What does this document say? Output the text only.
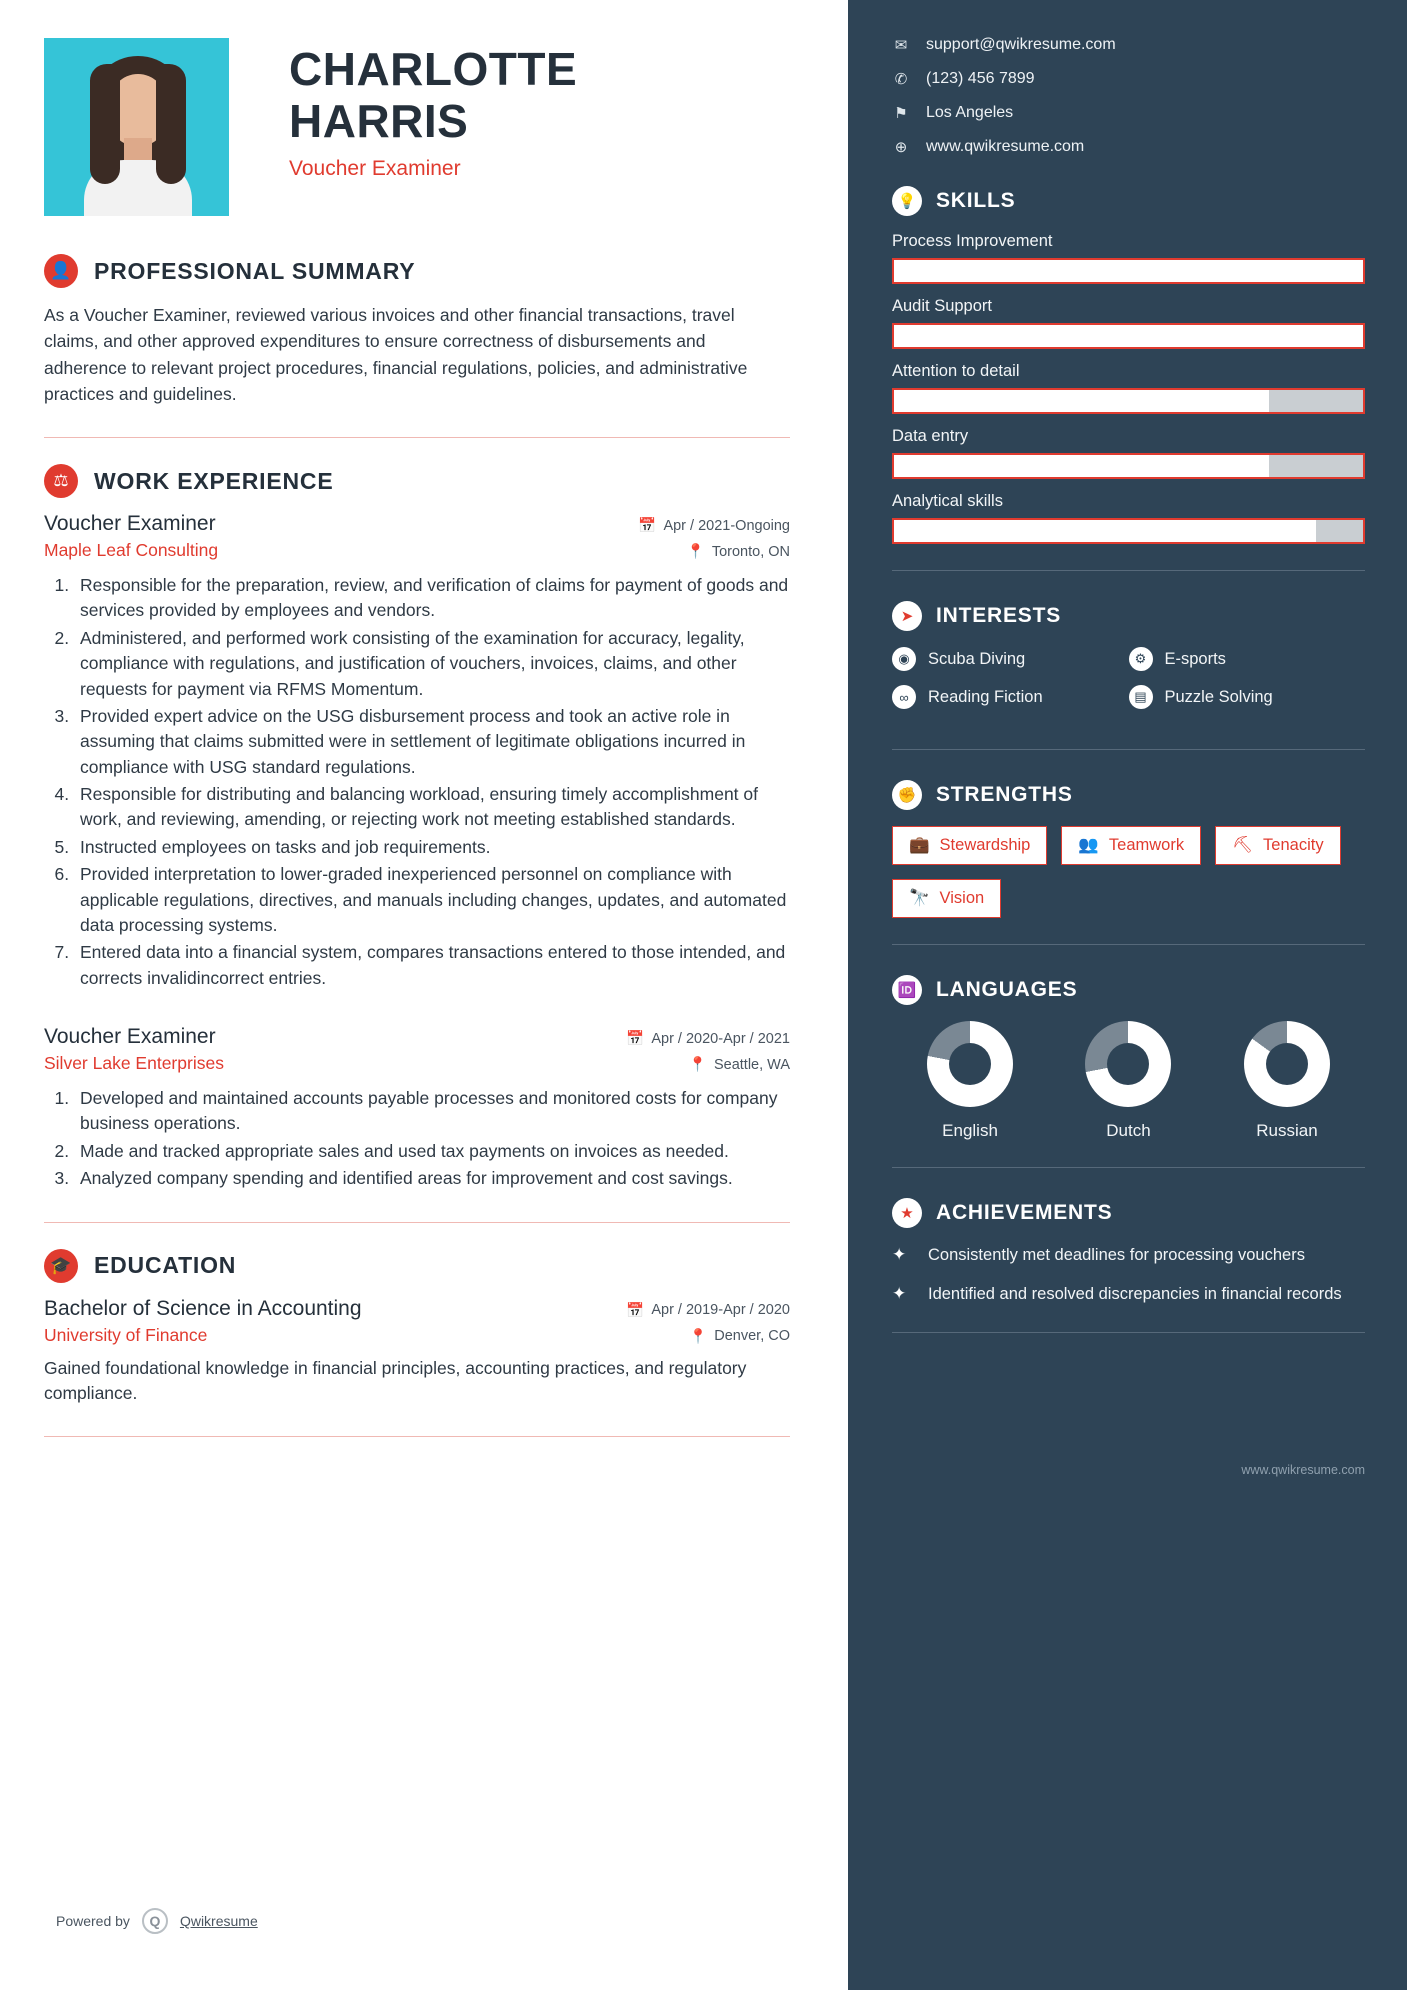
CHARLOTTE
HARRIS
Voucher Examiner
👤 PROFESSIONAL SUMMARY

As a Voucher Examiner, reviewed various invoices and other financial transactions, travel claims, and other approved expenditures to ensure correctness of disbursements and adherence to relevant project procedures, financial regulations, policies, and administrative practices and guidelines.

⚖	WORK EXPERIENCE
Voucher Examiner	📅 Apr / 2021-Ongoing
Maple Leaf Consulting	📍 Toronto, ON
1. Responsible for the preparation, review, and verification of claims for payment of goods and services provided by employees and vendors.
2. Administered, and performed work consisting of the examination for accuracy, legality, compliance with regulations, and justification of vouchers, invoices, claims, and other requests for payment via RFMS Momentum.
3. Provided expert advice on the USG disbursement process and took an active role in assuming that claims submitted were in settlement of legitimate obligations incurred in compliance with USG standard regulations.
4. Responsible for distributing and balancing workload, ensuring timely accomplishment of work, and reviewing, amending, or rejecting work not meeting established standards.
5. Instructed employees on tasks and job requirements.
6. Provided interpretation to lower-graded inexperienced personnel on compliance with applicable regulations, directives, and manuals including changes, updates, and automated data processing systems.
7. Entered data into a financial system, compares transactions entered to those intended, and corrects invalidincorrect entries.
Voucher Examiner	📅 Apr / 2020-Apr / 2021
Silver Lake Enterprises	📍 Seattle, WA
1. Developed and maintained accounts payable processes and monitored costs for company business operations.
2. Made and tracked appropriate sales and used tax payments on invoices as needed.
3. Analyzed company spending and identified areas for improvement and cost savings.
🎓 EDUCATION
Bachelor of Science in Accounting	📅 Apr / 2019-Apr / 2020
University of Finance	📍 Denver, CO

Gained foundational knowledge in financial principles, accounting practices, and regulatory compliance.

Powered by	Q	Qwikresume
✉ support@qwikresume.com
✆ (123) 456 7899
⚑ Los Angeles
⊕ www.qwikresume.com
💡 SKILLS
Process Improvement
Audit Support
Attention to detail
Data entry
Analytical skills
➤	INTERESTS
◉	Scuba Diving	⚙	E-sports
∞	Reading Fiction	▤	Puzzle Solving
✊ STRENGTHS
💼 Stewardship	👥 Teamwork	⛏ Tenacity
🔭 Vision
🆔 LANGUAGES
English	Dutch	Russian
★	ACHIEVEMENTS
✦	Consistently met deadlines for processing vouchers
✦	Identified and resolved discrepancies in financial records
www.qwikresume.com
